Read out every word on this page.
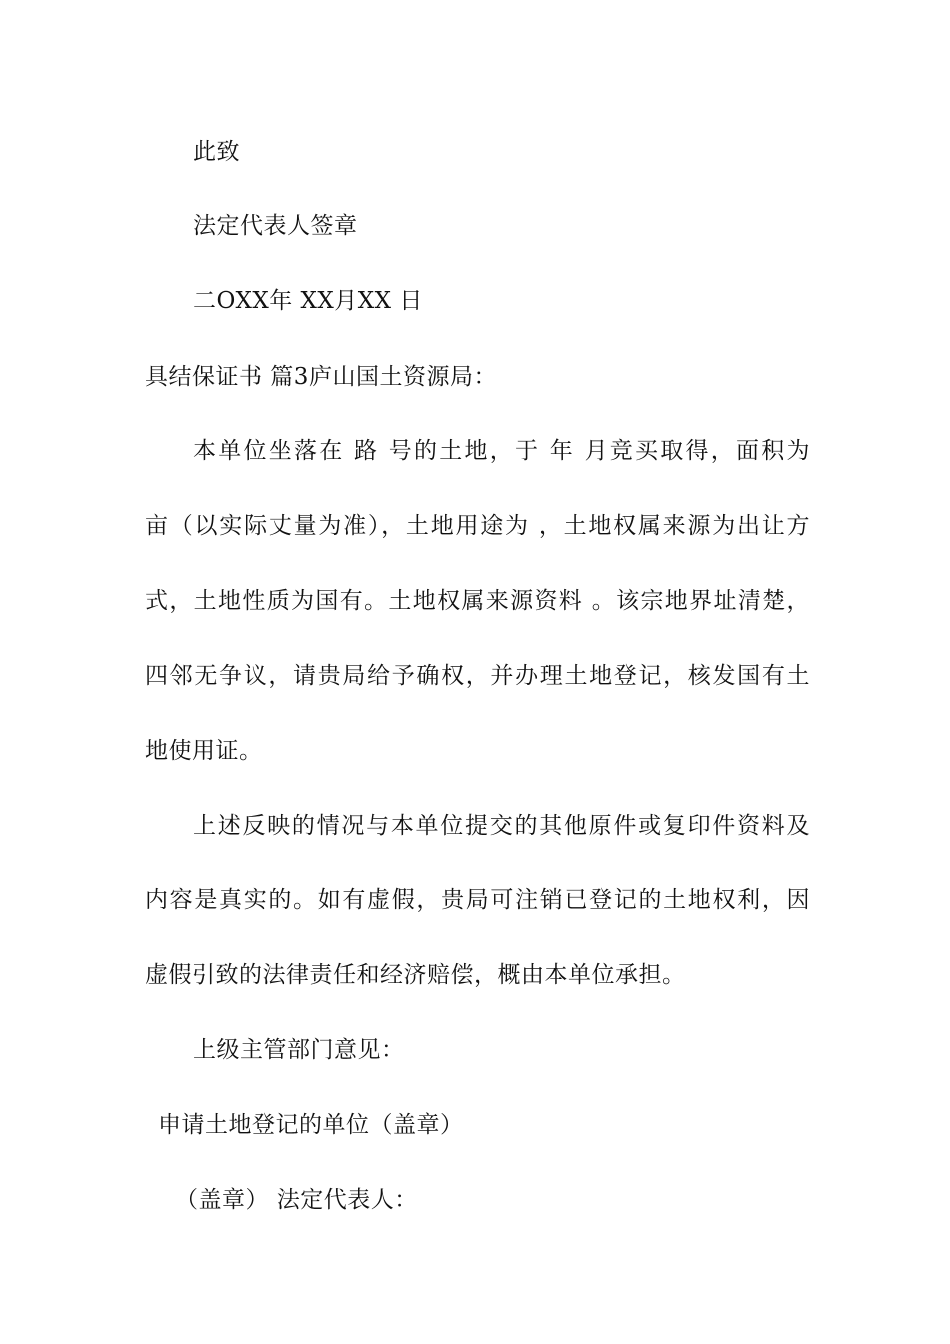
此致
法定代表人签章
二OXX年 XX月XX 日
具结保证书 篇3庐山国土资源局：
本单位坐落在 路 号的土地，于 年 月竞买取得，面积为
亩（以实际丈量为准），土地用途为 ，土地权属来源为出让方
式，土地性质为国有。土地权属来源资料 。该宗地界址清楚，
四邻无争议，请贵局给予确权，并办理土地登记，核发国有土
地使用证。
上述反映的情况与本单位提交的其他原件或复印件资料及
内容是真实的。如有虚假，贵局可注销已登记的土地权利，因
虚假引致的法律责任和经济赔偿，概由本单位承担。
上级主管部门意见：
申请土地登记的单位（盖章）
（盖章） 法定代表人：
